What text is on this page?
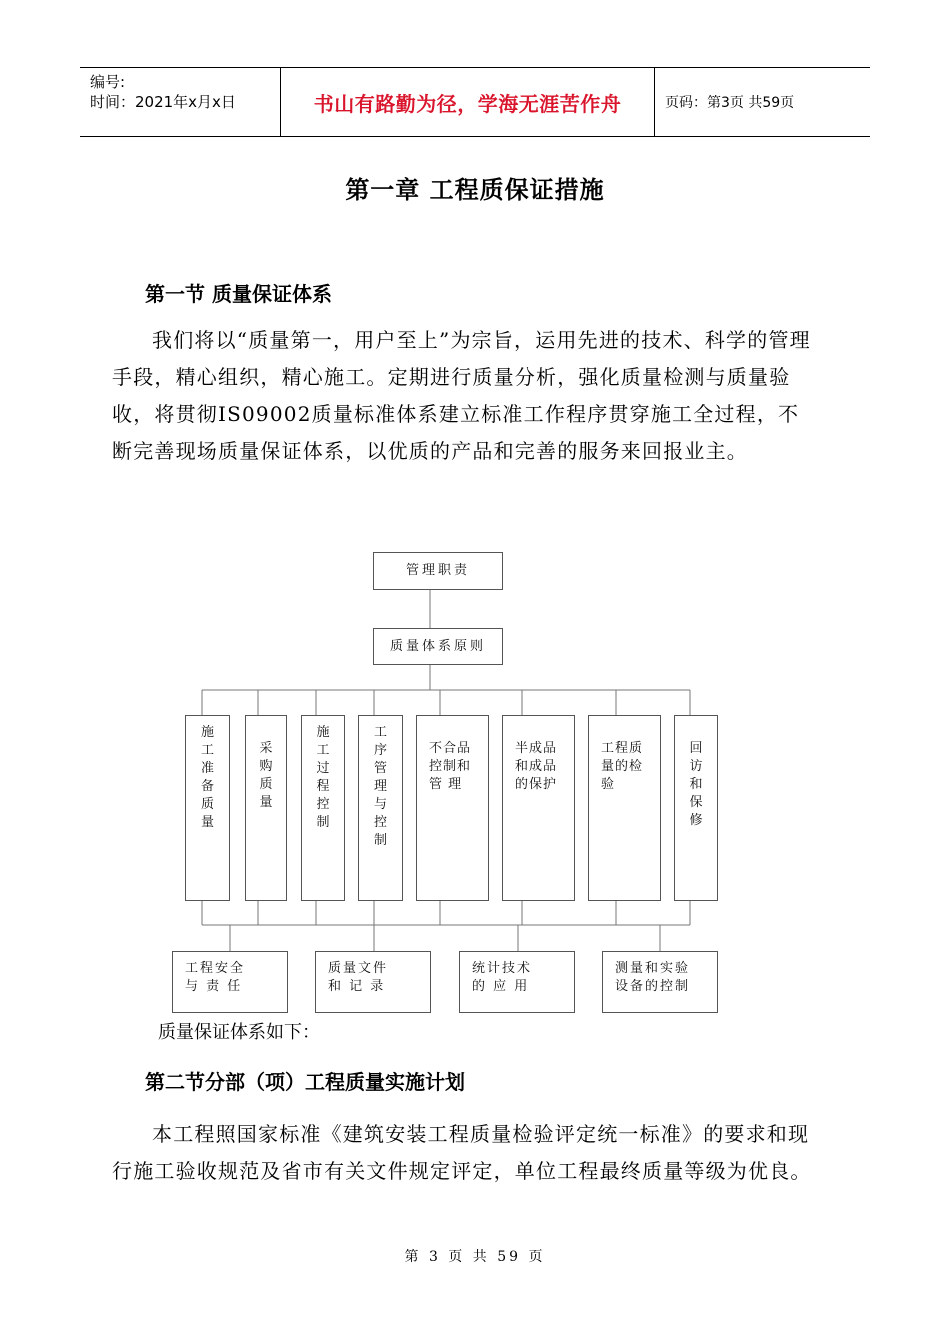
编号:
时间：2021年x月x日	书山有路勤为径，学海无涯苦作舟	页码：第3页 共59页
第一章 工程质保证措施
第一节 质量保证体系

我们将以“质量第一，用户至上”为宗旨，运用先进的技术、科学的管理手段，精心组织，精心施工。定期进行质量分析，强化质量检测与质量验收，将贯彻IS09002质量标准体系建立标准工作程序贯穿施工全过程，不断完善现场质量保证体系，以优质的产品和完善的服务来回报业主。

管理职责
质量体系原则
施工准备 质量
采购质量
施工过程控制
工序管理与控制
不合品控制和管 理
半成品和成品的保护
工程质量的检验
回访和保修
工程安全
与 责 任
质量文件
和 记 录
统计技术
的 应 用
测量和实验
设备的控制
质量保证体系如下：
第二节分部（项）工程质量实施计划

本工程照国家标准《建筑安装工程质量检验评定统一标准》的要求和现行施工验收规范及省市有关文件规定评定，单位工程最终质量等级为优良。

第 3 页 共 59 页
